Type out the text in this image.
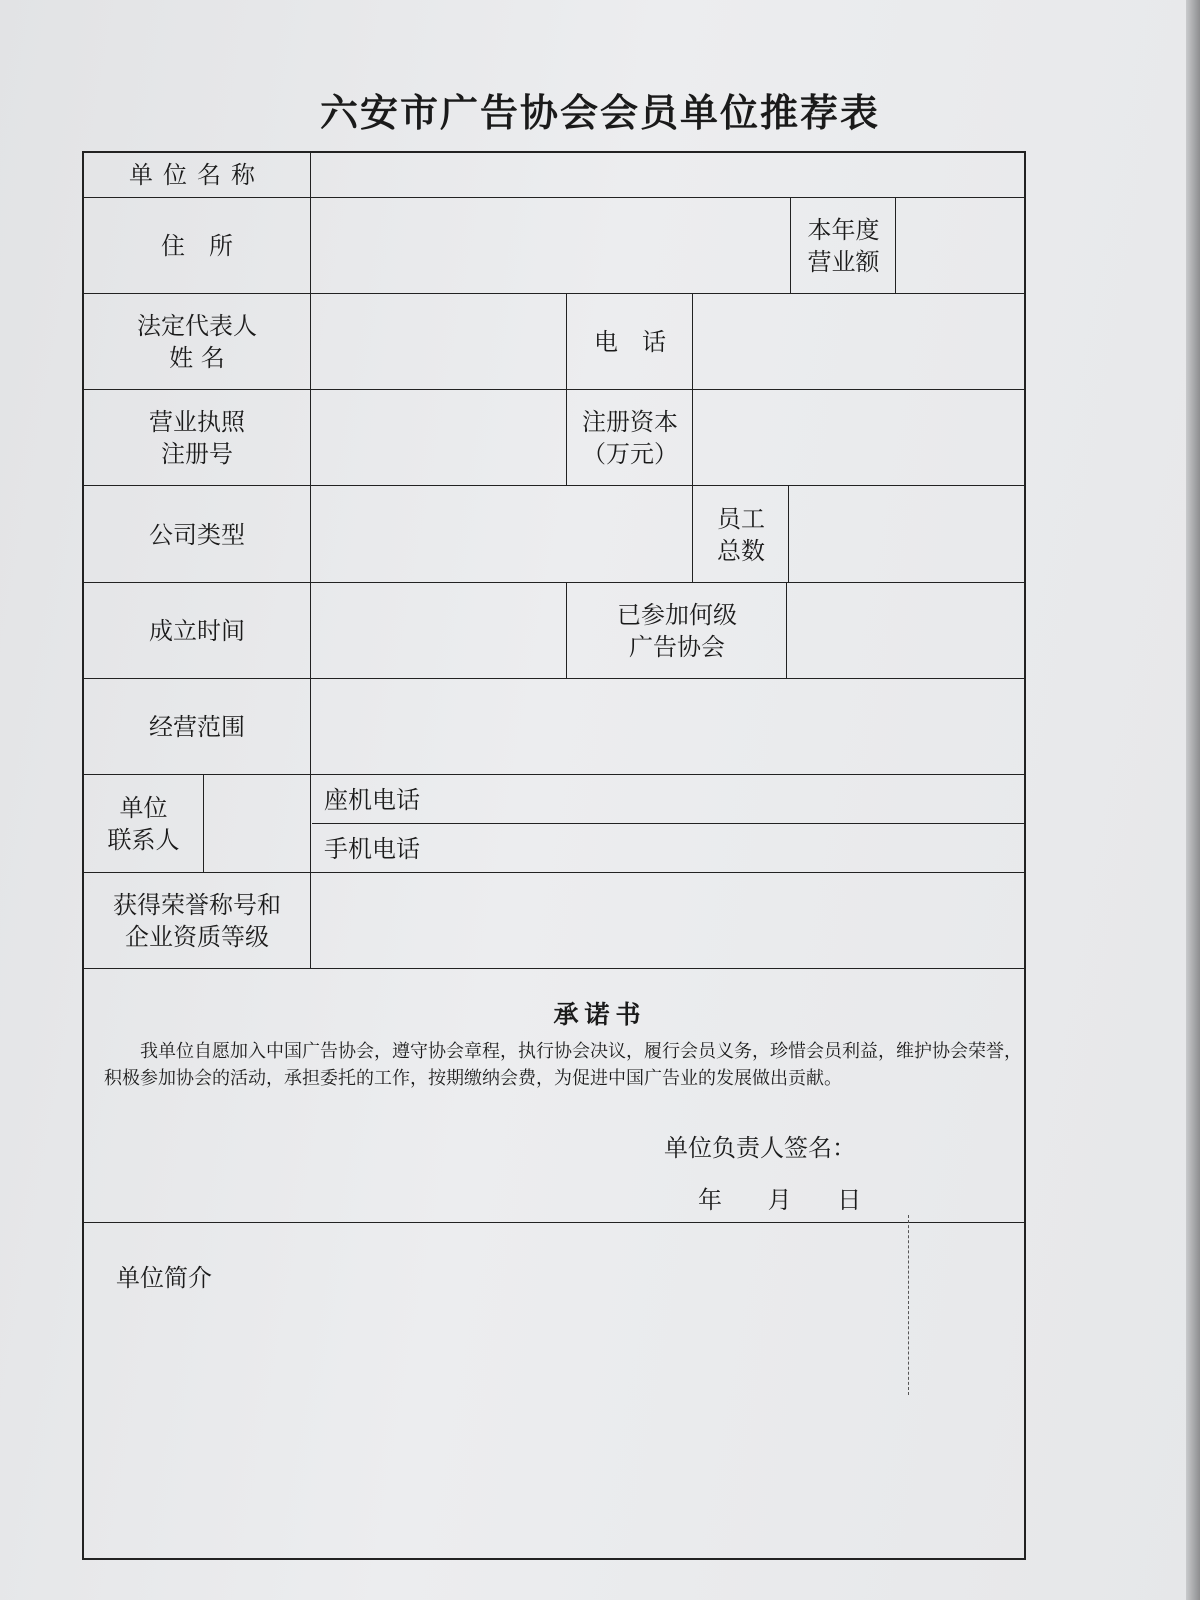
六安市广告协会会员单位推荐表
单位名称
住　所
本年度
营业额
法定代表人
姓 名
电　话
营业执照
注册号
注册资本
（万元）
公司类型
员工
总数
成立时间
已参加何级
广告协会
经营范围
单位
联系人
座机电话
手机电话
获得荣誉称号和
企业资质等级
承诺书
我单位自愿加入中国广告协会，遵守协会章程，执行协会决议，履行会员义务，珍惜会员利益，维护协会荣誉，积极参加协会的活动，承担委托的工作，按期缴纳会费，为促进中国广告业的发展做出贡献。
单位负责人签名：
年 月 日
单位简介
